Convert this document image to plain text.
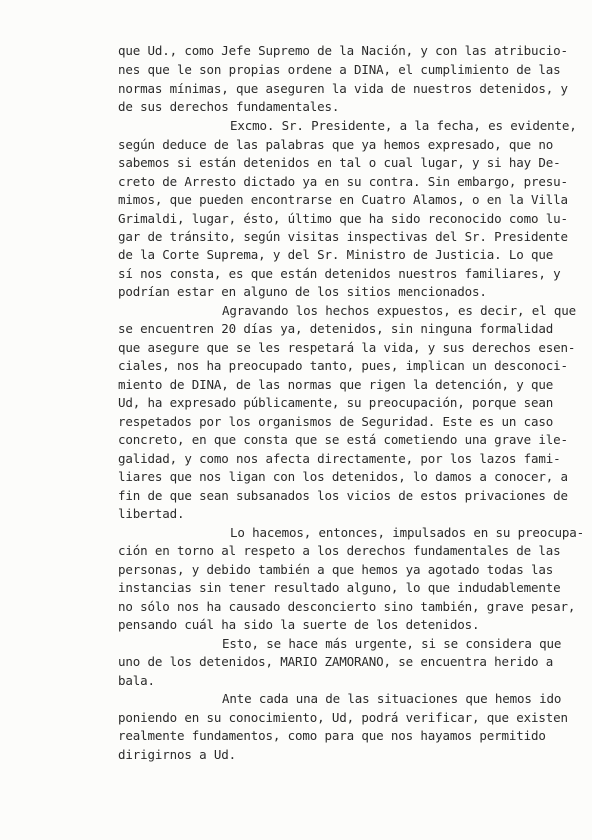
que Ud., como Jefe Supremo de la Nación, y con las atribucio-
nes que le son propias ordene a DINA, el cumplimiento de las
normas mínimas, que aseguren la vida de nuestros detenidos, y
de sus derechos fundamentales.
Excmo. Sr. Presidente, a la fecha, es evidente,
según deduce de las palabras que ya hemos expresado, que no
sabemos si están detenidos en tal o cual lugar, y si hay De-
creto de Arresto dictado ya en su contra. Sin embargo, presu-
mimos, que pueden encontrarse en Cuatro Alamos, o en la Villa
Grimaldi, lugar, ésto, último que ha sido reconocido como lu-
gar de tránsito, según visitas inspectivas del Sr. Presidente
de la Corte Suprema, y del Sr. Ministro de Justicia. Lo que
sí nos consta, es que están detenidos nuestros familiares, y
podrían estar en alguno de los sitios mencionados.
Agravando los hechos expuestos, es decir, el que
se encuentren 20 días ya, detenidos, sin ninguna formalidad
que asegure que se les respetará la vida, y sus derechos esen-
ciales, nos ha preocupado tanto, pues, implican un desconoci-
miento de DINA, de las normas que rigen la detención, y que
Ud, ha expresado públicamente, su preocupación, porque sean
respetados por los organismos de Seguridad. Este es un caso
concreto, en que consta que se está cometiendo una grave ile-
galidad, y como nos afecta directamente, por los lazos fami-
liares que nos ligan con los detenidos, lo damos a conocer, a
fin de que sean subsanados los vicios de estos privaciones de
libertad.
Lo hacemos, entonces, impulsados en su preocupa-
ción en torno al respeto a los derechos fundamentales de las
personas, y debido también a que hemos ya agotado todas las
instancias sin tener resultado alguno, lo que indudablemente
no sólo nos ha causado desconcierto sino también, grave pesar,
pensando cuál ha sido la suerte de los detenidos.
Esto, se hace más urgente, si se considera que
uno de los detenidos, MARIO ZAMORANO, se encuentra herido a
bala.
Ante cada una de las situaciones que hemos ido
poniendo en su conocimiento, Ud, podrá verificar, que existen
realmente fundamentos, como para que nos hayamos permitido
dirigirnos a Ud.
